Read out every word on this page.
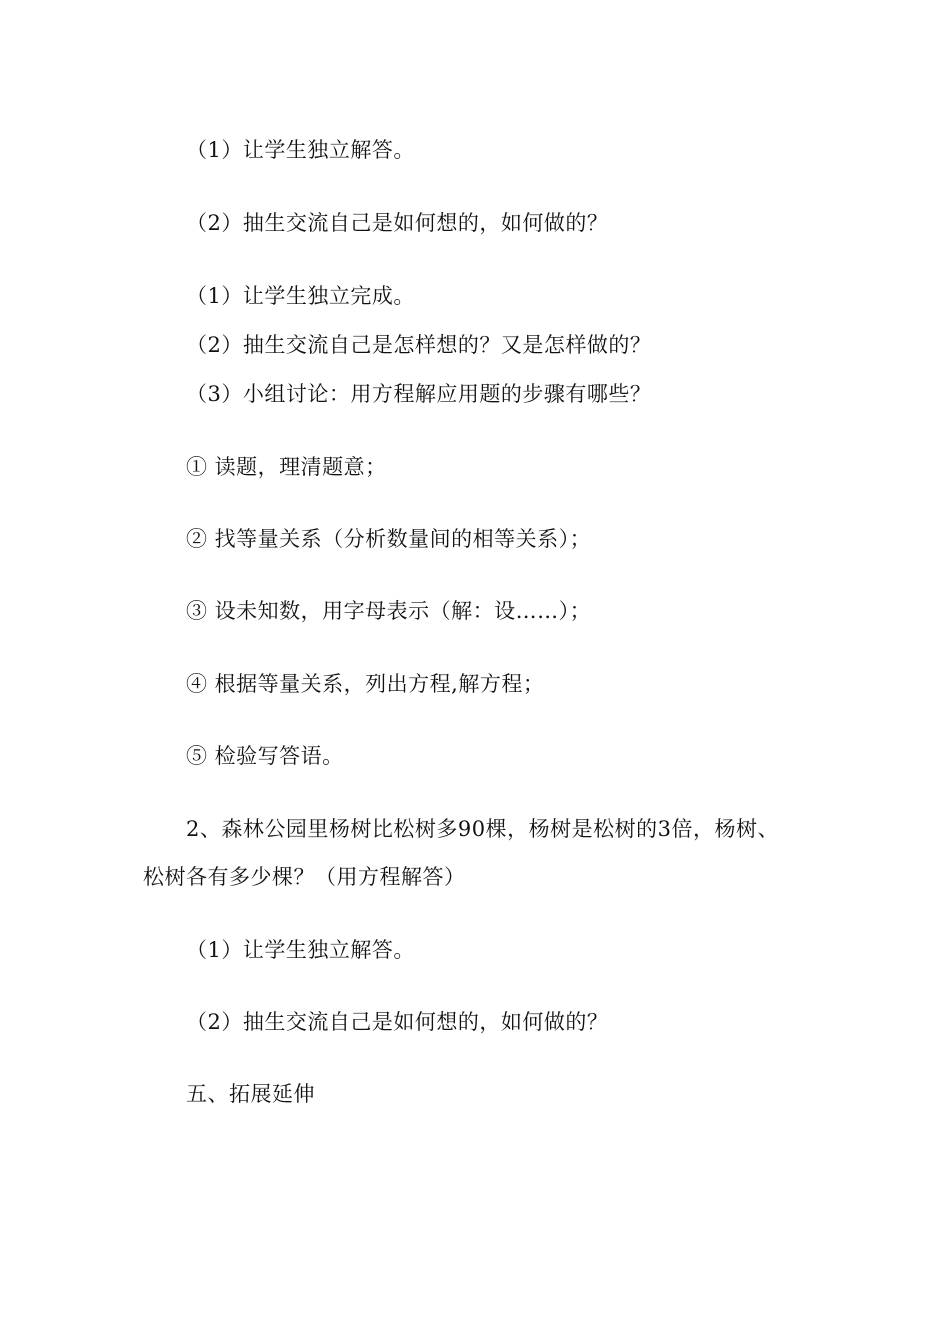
（1）让学生独立解答。
（2）抽生交流自己是如何想的，如何做的？
（1）让学生独立完成。
（2）抽生交流自己是怎样想的？又是怎样做的？
（3）小组讨论：用方程解应用题的步骤有哪些？
① 读题，理清题意；
② 找等量关系（分析数量间的相等关系）；
③ 设未知数，用字母表示（解：设……）；
④ 根据等量关系，列出方程,解方程；
⑤ 检验写答语。
2、森林公园里杨树比松树多90棵，杨树是松树的3倍，杨树、
松树各有多少棵？（用方程解答）
（1）让学生独立解答。
（2）抽生交流自己是如何想的，如何做的？
五、拓展延伸
